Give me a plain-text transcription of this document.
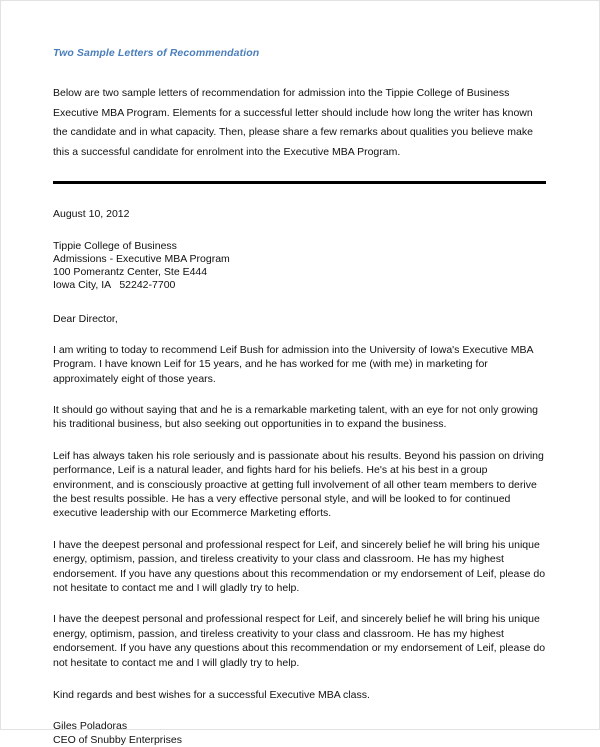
Two Sample Letters of Recommendation

Below are two sample letters of recommendation for admission into the Tippie College of Business Executive MBA Program. Elements for a successful letter should include how long the writer has known the candidate and in what capacity. Then, please share a few remarks about qualities you believe make this a successful candidate for enrolment into the Executive MBA Program.

August 10, 2012

Tippie College of Business
Admissions - Executive MBA Program
100 Pomerantz Center, Ste E444
Iowa City, IA   52242-7700

Dear Director,

I am writing to today to recommend Leif Bush for admission into the University of Iowa's Executive MBA Program. I have known Leif for 15 years, and he has worked for me (with me) in marketing for approximately eight of those years.

It should go without saying that and he is a remarkable marketing talent, with an eye for not only growing his traditional business, but also seeking out opportunities in to expand the business.

Leif has always taken his role seriously and is passionate about his results. Beyond his passion on driving performance, Leif is a natural leader, and fights hard for his beliefs. He's at his best in a group environment, and is consciously proactive at getting full involvement of all other team members to derive the best results possible. He has a very effective personal style, and will be looked to for continued executive leadership with our Ecommerce Marketing efforts.

I have the deepest personal and professional respect for Leif, and sincerely belief he will bring his unique energy, optimism, passion, and tireless creativity to your class and classroom. He has my highest endorsement. If you have any questions about this recommendation or my endorsement of Leif, please do not hesitate to contact me and I will gladly try to help.

I have the deepest personal and professional respect for Leif, and sincerely belief he will bring his unique energy, optimism, passion, and tireless creativity to your class and classroom. He has my highest endorsement. If you have any questions about this recommendation or my endorsement of Leif, please do not hesitate to contact me and I will gladly try to help.

Kind regards and best wishes for a successful Executive MBA class.

Giles Poladoras
CEO of Snubby Enterprises
